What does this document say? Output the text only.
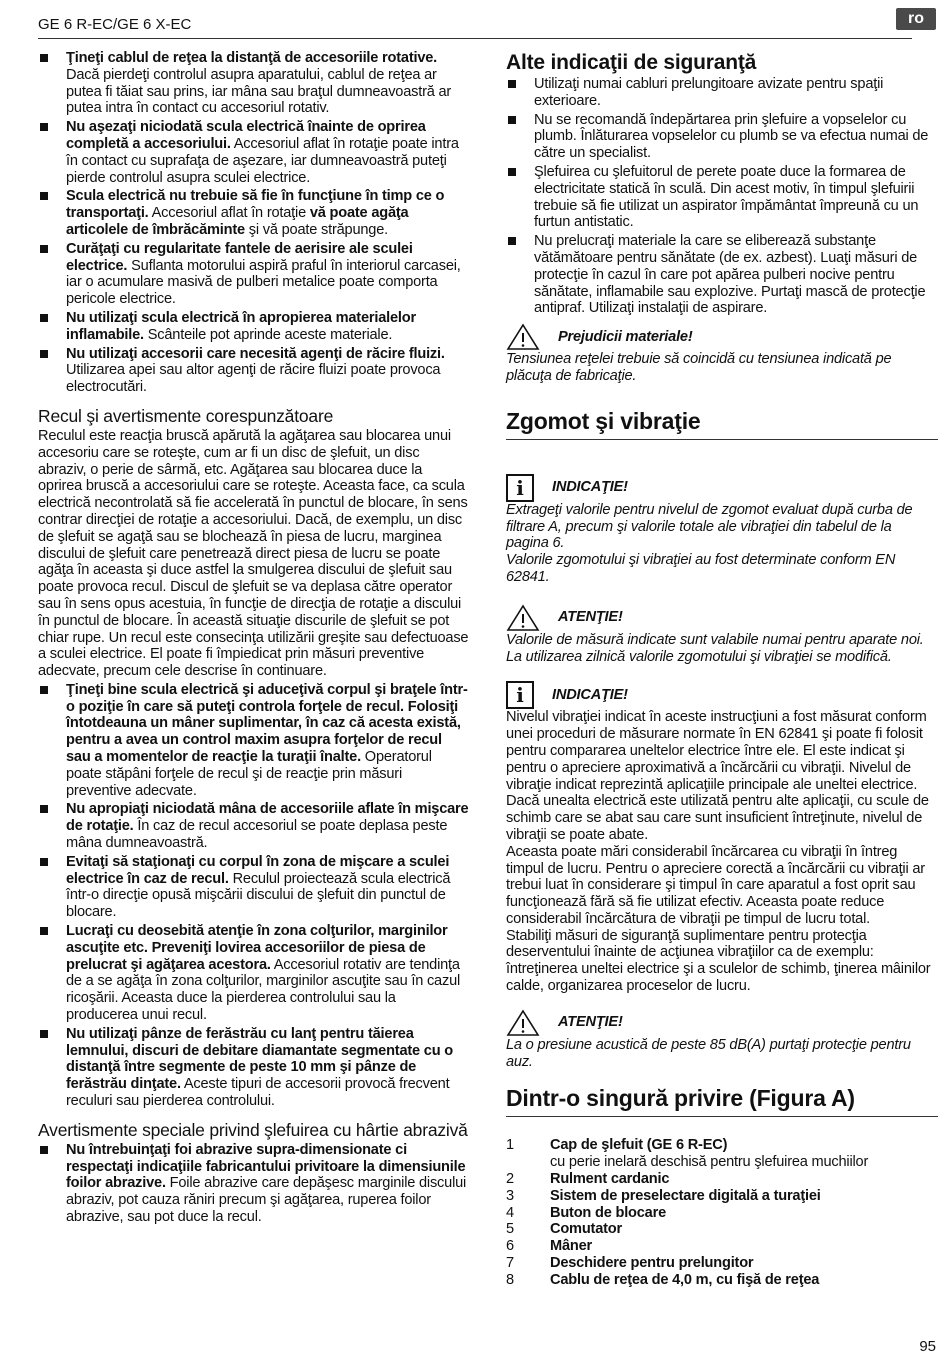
GE 6 R-EC/GE 6 X-EC	ro
Ţineţi cablul de reţea la distanţă de accesoriile rotative. Dacă pierdeţi controlul asupra aparatului, cablul de reţea ar putea fi tăiat sau prins, iar mâna sau braţul dumneavoastră ar putea intra în contact cu accesoriul rotativ.
Nu aşezaţi niciodată scula electrică înainte de oprirea completă a accesoriului. Accesoriul aflat în rotaţie poate intra în contact cu suprafaţa de aşezare, iar dumneavoastră puteţi pierde controlul asupra sculei electrice.
Scula electrică nu trebuie să fie în funcţiune în timp ce o transportaţi. Accesoriul aflat în rotaţie vă poate agăţa articolele de îmbrăcăminte şi vă poate străpunge.
Curăţaţi cu regularitate fantele de aerisire ale sculei electrice. Suflanta motorului aspiră praful în interiorul carcasei, iar o acumulare masivă de pulberi metalice poate comporta pericole electrice.
Nu utilizaţi scula electrică în apropierea materialelor inflamabile. Scânteile pot aprinde aceste materiale.
Nu utilizaţi accesorii care necesită agenţi de răcire fluizi. Utilizarea apei sau altor agenţi de răcire fluizi poate provoca electrocutări.
Recul şi avertismente corespunzătoare
Reculul este reacţia bruscă apărută la agăţarea sau blocarea unui accesoriu care se roteşte, cum ar fi un disc de şlefuit, un disc abraziv, o perie de sârmă, etc. Agăţarea sau blocarea duce la oprirea bruscă a accesoriului care se roteşte. Aceasta face, ca scula electrică necontrolată să fie accelerată în punctul de blocare, în sens contrar direcţiei de rotaţie a accesoriului. Dacă, de exemplu, un disc de şlefuit se agaţă sau se blochează în piesa de lucru, marginea discului de şlefuit care penetrează direct piesa de lucru se poate agăţa în aceasta şi duce astfel la smulgerea discului de şlefuit sau poate provoca recul. Discul de şlefuit se va deplasa către operator sau în sens opus acestuia, în funcţie de direcţia de rotaţie a discului în punctul de blocare. În această situaţie discurile de şlefuit se pot chiar rupe. Un recul este consecinţa utilizării greşite sau defectuoase a sculei electrice. El poate fi împiedicat prin măsuri preventive adecvate, precum cele descrise în continuare.
Ţineţi bine scula electrică şi aduceţivă corpul şi braţele într-o poziţie în care să puteţi controla forţele de recul. Folosiţi întotdeauna un mâner suplimentar, în caz că acesta există, pentru a avea un control maxim asupra forţelor de recul sau a momentelor de reacţie la turaţii înalte. Operatorul poate stăpâni forţele de recul şi de reacţie prin măsuri preventive adecvate.
Nu apropiaţi niciodată mâna de accesoriile aflate în mişcare de rotaţie. În caz de recul accesoriul se poate deplasa peste mâna dumneavoastră.
Evitaţi să staţionaţi cu corpul în zona de mişcare a sculei electrice în caz de recul. Reculul proiectează scula electrică într-o direcţie opusă mişcării discului de şlefuit din punctul de blocare.
Lucraţi cu deosebită atenţie în zona colţurilor, marginilor ascuţite etc. Preveniţi lovirea accesoriilor de piesa de prelucrat şi agăţarea acestora. Accesoriul rotativ are tendinţa de a se agăţa în zona colţurilor, marginilor ascuţite sau în cazul ricoşării. Aceasta duce la pierderea controlului sau la producerea unui recul.
Nu utilizaţi pânze de ferăstrău cu lanţ pentru tăierea lemnului, discuri de debitare diamantate segmentate cu o distanţă între segmente de peste 10 mm şi pânze de ferăstrău dinţate. Aceste tipuri de accesorii provocă frecvent reculuri sau pierderea controlului.
Avertismente speciale privind şlefuirea cu hârtie abrazivă
Nu întrebuinţaţi foi abrazive supra-dimensionate ci respectaţi indicaţiile fabricantului privitoare la dimensiunile foilor abrazive. Foile abrazive care depăşesc marginile discului abraziv, pot cauza răniri precum şi agăţarea, ruperea foilor abrazive, sau pot duce la recul.
Alte indicaţii de siguranţă
Utilizaţi numai cabluri prelungitoare avizate pentru spaţii exterioare.
Nu se recomandă îndepărtarea prin şlefuire a vopselelor cu plumb. Înlăturarea vopselelor cu plumb se va efectua numai de către un specialist.
Şlefuirea cu şlefuitorul de perete poate duce la formarea de electricitate statică în sculă. Din acest motiv, în timpul şlefuirii trebuie să fie utilizat un aspirator împământat împreună cu un furtun antistatic.
Nu prelucraţi materiale la care se eliberează substanţe vătămătoare pentru sănătate (de ex. azbest). Luaţi măsuri de protecţie în cazul în care pot apărea pulberi nocive pentru sănătate, inflamabile sau explozive. Purtaţi mască de protecţie antipraf. Utilizaţi instalaţii de aspirare.
Prejudicii materiale!
Tensiunea reţelei trebuie să coincidă cu tensiunea indicată pe plăcuţa de fabricaţie.
Zgomot şi vibraţie
i	INDICAŢIE!
Extrageţi valorile pentru nivelul de zgomot evaluat după curba de filtrare A, precum şi valorile totale ale vibraţiei din tabelul de la pagina 6.
Valorile zgomotului şi vibraţiei au fost determinate conform EN 62841.
ATENŢIE!
Valorile de măsură indicate sunt valabile numai pentru aparate noi. La utilizarea zilnică valorile zgomotului şi vibraţiei se modifică.
i	INDICAŢIE!
Nivelul vibraţiei indicat în aceste instrucţiuni a fost măsurat conform unei proceduri de măsurare normate în EN 62841 şi poate fi folosit pentru compararea uneltelor electrice între ele. El este indicat şi pentru o apreciere aproximativă a încărcării cu vibraţii. Nivelul de vibraţie indicat reprezintă aplicaţiile principale ale uneltei electrice. Dacă unealta electrică este utilizată pentru alte aplicaţii, cu scule de schimb care se abat sau care sunt insuficient întreţinute, nivelul de vibraţii se poate abate.
Aceasta poate mări considerabil încărcarea cu vibraţii în întreg timpul de lucru. Pentru o apreciere corectă a încărcării cu vibraţii ar trebui luat în considerare şi timpul în care aparatul a fost oprit sau funcţionează fără să fie utilizat efectiv. Aceasta poate reduce considerabil încărcătura de vibraţii pe timpul de lucru total.
Stabiliţi măsuri de siguranţă suplimentare pentru protecţia deserventului înainte de acţiunea vibraţiilor ca de exemplu: întreţinerea uneltei electrice şi a sculelor de schimb, ţinerea mâinilor calde, organizarea proceselor de lucru.
ATENŢIE!
La o presiune acustică de peste 85 dB(A) purtaţi protecţie pentru auz.
Dintr-o singură privire (Figura A)
1	Cap de şlefuit (GE 6 R-EC)
cu perie inelară deschisă pentru şlefuirea muchiilor
2	Rulment cardanic
3	Sistem de preselectare digitală a turaţiei
4	Buton de blocare
5	Comutator
6	Mâner
7	Deschidere pentru prelungitor
8	Cablu de reţea de 4,0 m, cu fişă de reţea
95
